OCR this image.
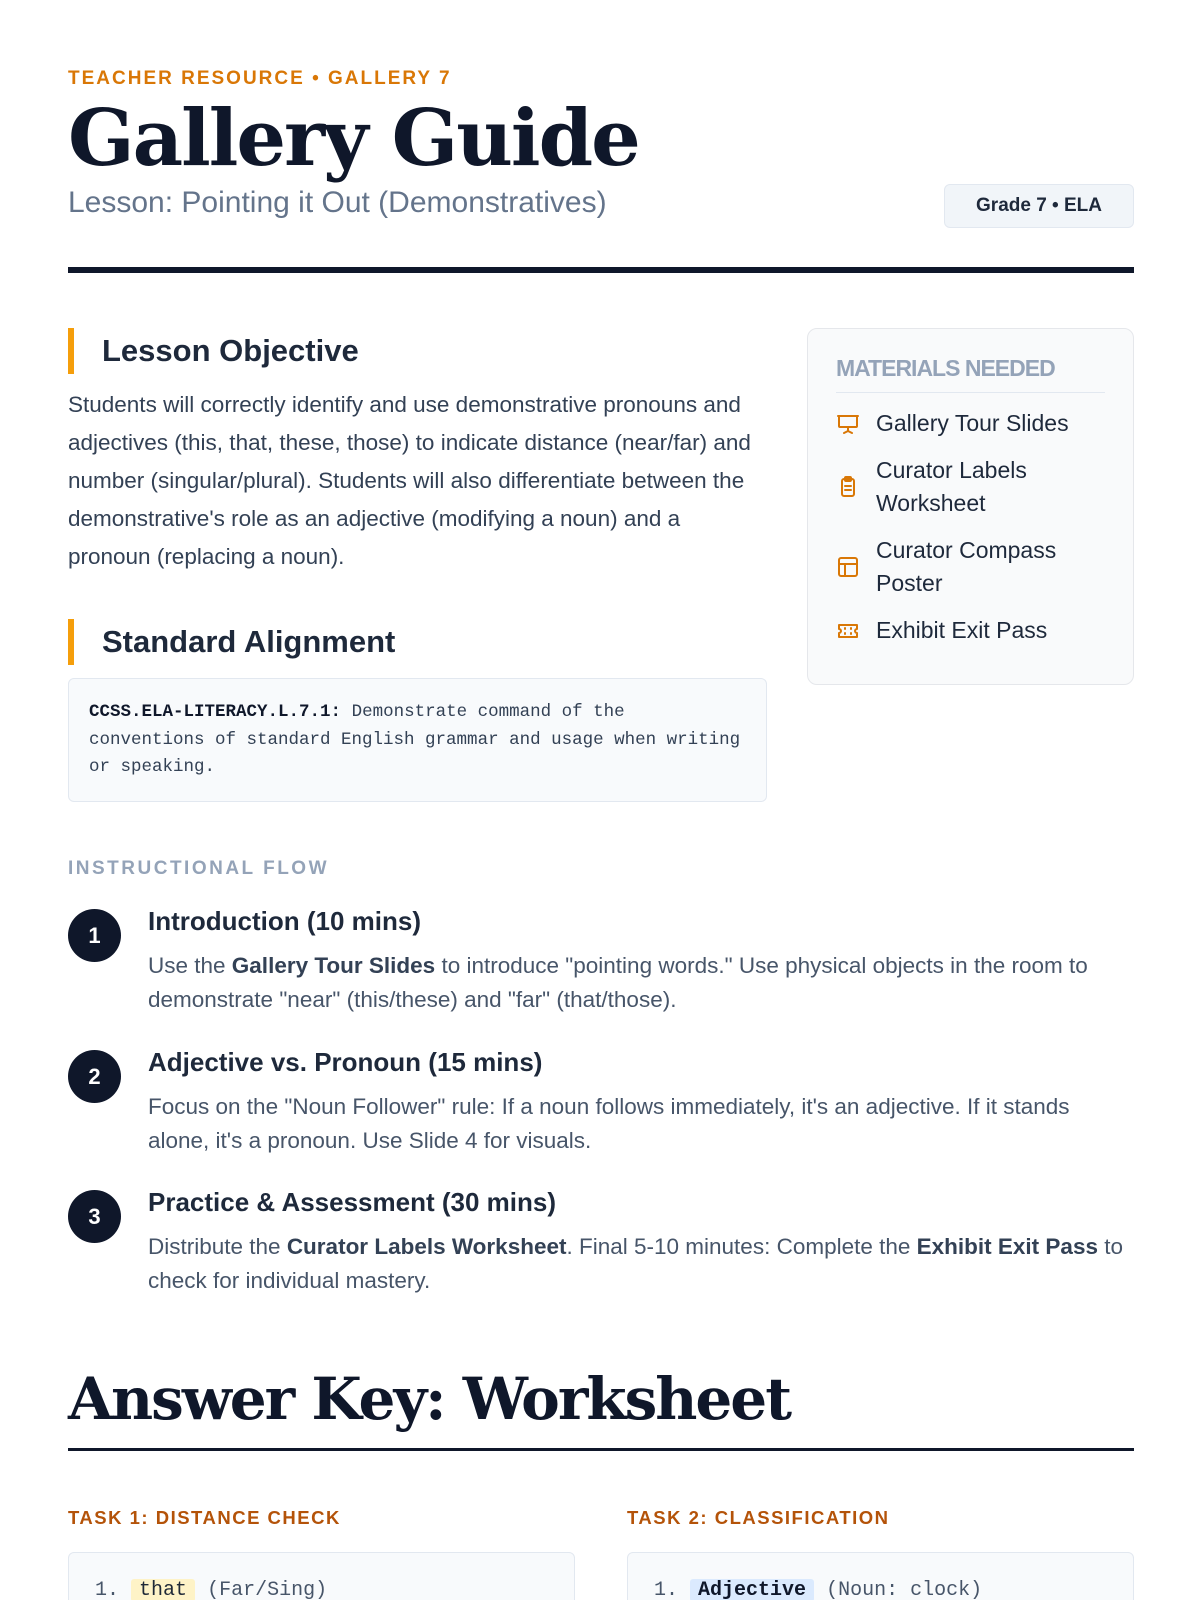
TEACHER RESOURCE • GALLERY 7
Gallery Guide
Lesson: Pointing it Out (Demonstratives)	Grade 7 • ELA
Lesson Objective

Students will correctly identify and use demonstrative pronouns and adjectives (this, that, these, those) to indicate distance (near/far) and number (singular/plural). Students will also differentiate between the demonstrative's role as an adjective (modifying a noun) and a pronoun (replacing a noun).

Standard Alignment
CCSS.ELA-LITERACY.L.7.1: Demonstrate command of the conventions of standard English grammar and usage when writing or speaking.
MATERIALS NEEDED
Gallery Tour Slides
Curator Labels Worksheet
Curator Compass Poster
Exhibit Exit Pass
INSTRUCTIONAL FLOW
1	Introduction (10 mins)

Use the Gallery Tour Slides to introduce "pointing words." Use physical objects in the room to demonstrate "near" (this/these) and "far" (that/those).

2	Adjective vs. Pronoun (15 mins)

Focus on the "Noun Follower" rule: If a noun follows immediately, it's an adjective. If it stands alone, it's a pronoun. Use Slide 4 for visuals.

3	Practice & Assessment (30 mins)

Distribute the Curator Labels Worksheet. Final 5-10 minutes: Complete the Exhibit Exit Pass to check for individual mastery.

Answer Key: Worksheet
TASK 1: DISTANCE CHECK
1. that (Far/Sing)
TASK 2: CLASSIFICATION
1. Adjective (Noun: clock)
